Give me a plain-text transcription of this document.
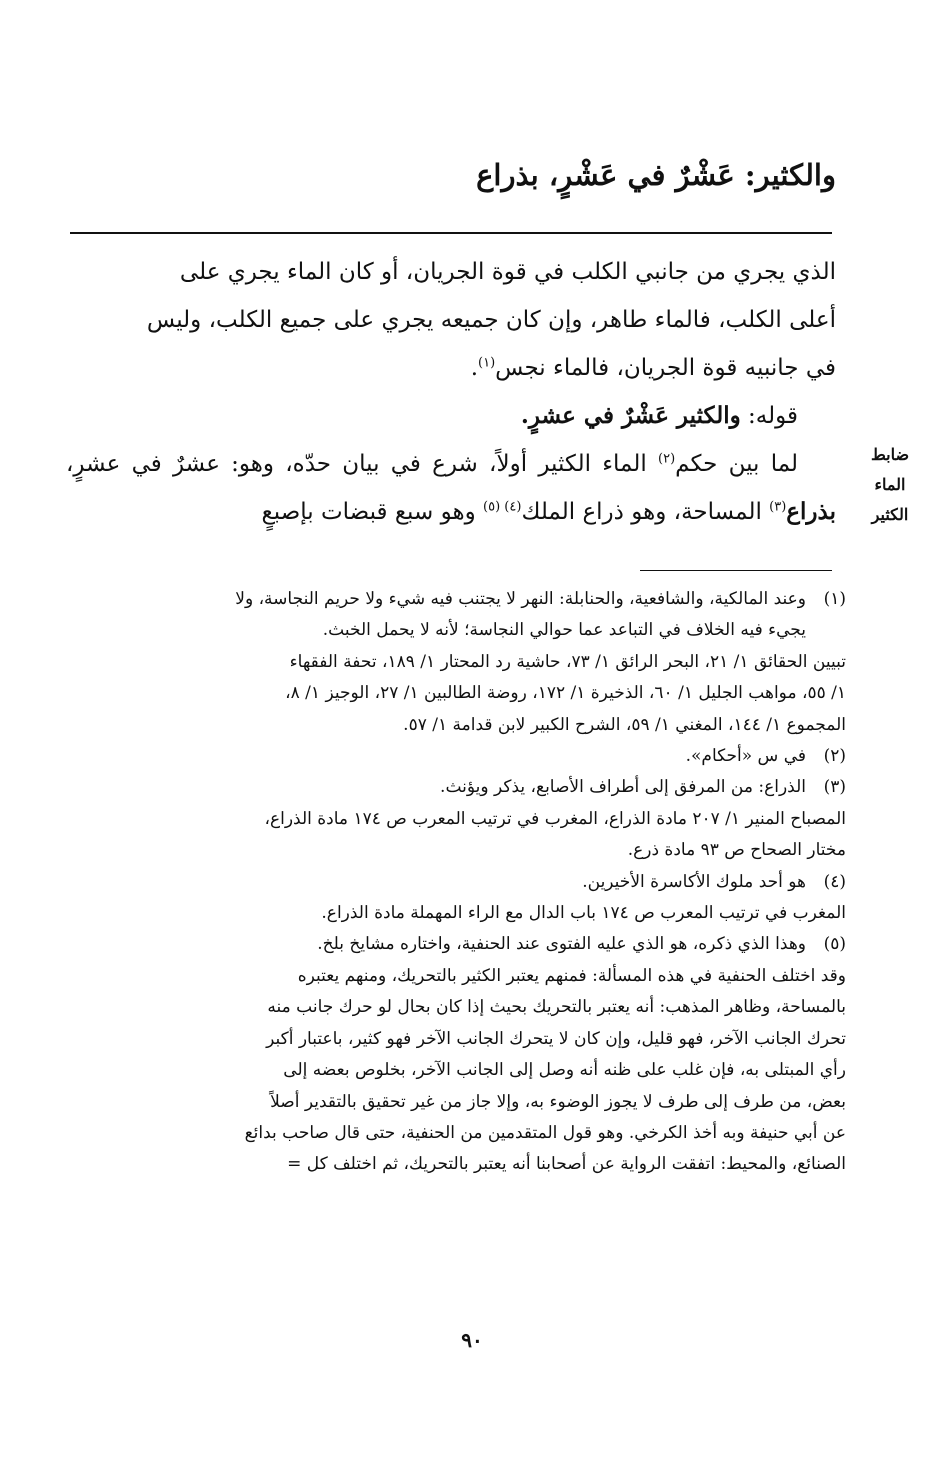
والكثير: عَشْرٌ في عَشْرٍ، بذراع

الذي يجري من جانبي الكلب في قوة الجريان، أو كان الماء يجري على

أعلى الكلب، فالماء طاهر، وإن كان جميعه يجري على جميع الكلب، وليس

في جانبيه قوة الجريان، فالماء نجس$^{(١)}$.

قوله: والكثير عَشْرٌ في عشرٍ.

لما بين حكم$^{(٢)}$ الماء الكثير أولاً، شرع في بيان حدّه، وهو: عشرٌ في عشرٍ، بذراع$^{(٣)}$ المساحة، وهو ذراع الملك$^{(٤)}$ $^{(٥)}$ وهو سبع قبضات بإصبعٍ

ضابط
الماء
الكثير

(١)وعند المالكية، والشافعية، والحنابلة: النهر لا يجتنب فيه شيء ولا حريم النجاسة، ولا

يجيء فيه الخلاف في التباعد عما حوالي النجاسة؛ لأنه لا يحمل الخبث.

تبيين الحقائق ١/ ٢١، البحر الرائق ١/ ٧٣، حاشية رد المحتار ١/ ١٨٩، تحفة الفقهاء

١/ ٥٥، مواهب الجليل ١/ ٦٠، الذخيرة ١/ ١٧٢، روضة الطالبين ١/ ٢٧، الوجيز ١/ ٨،

المجموع ١/ ١٤٤، المغني ١/ ٥٩، الشرح الكبير لابن قدامة ١/ ٥٧.

(٢)في س «أحكام».

(٣)الذراع: من المرفق إلى أطراف الأصابع، يذكر ويؤنث.

المصباح المنير ١/ ٢٠٧ مادة الذراع، المغرب في ترتيب المعرب ص ١٧٤ مادة الذراع،

مختار الصحاح ص ٩٣ مادة ذرع.

(٤)هو أحد ملوك الأكاسرة الأخيرين.

المغرب في ترتيب المعرب ص ١٧٤ باب الدال مع الراء المهملة مادة الذراع.

(٥)وهذا الذي ذكره، هو الذي عليه الفتوى عند الحنفية، واختاره مشايخ بلخ.

وقد اختلف الحنفية في هذه المسألة: فمنهم يعتبر الكثير بالتحريك، ومنهم يعتبره

بالمساحة، وظاهر المذهب: أنه يعتبر بالتحريك بحيث إذا كان بحال لو حرك جانب منه

تحرك الجانب الآخر، فهو قليل، وإن كان لا يتحرك الجانب الآخر فهو كثير، باعتبار أكبر

رأي المبتلى به، فإن غلب على ظنه أنه وصل إلى الجانب الآخر، بخلوص بعضه إلى

بعض، من طرف إلى طرف لا يجوز الوضوء به، وإلا جاز من غير تحقيق بالتقدير أصلاً

عن أبي حنيفة وبه أخذ الكرخي. وهو قول المتقدمين من الحنفية، حتى قال صاحب بدائع

الصنائع، والمحيط: اتفقت الرواية عن أصحابنا أنه يعتبر بالتحريك، ثم اختلف كل =

٩٠
